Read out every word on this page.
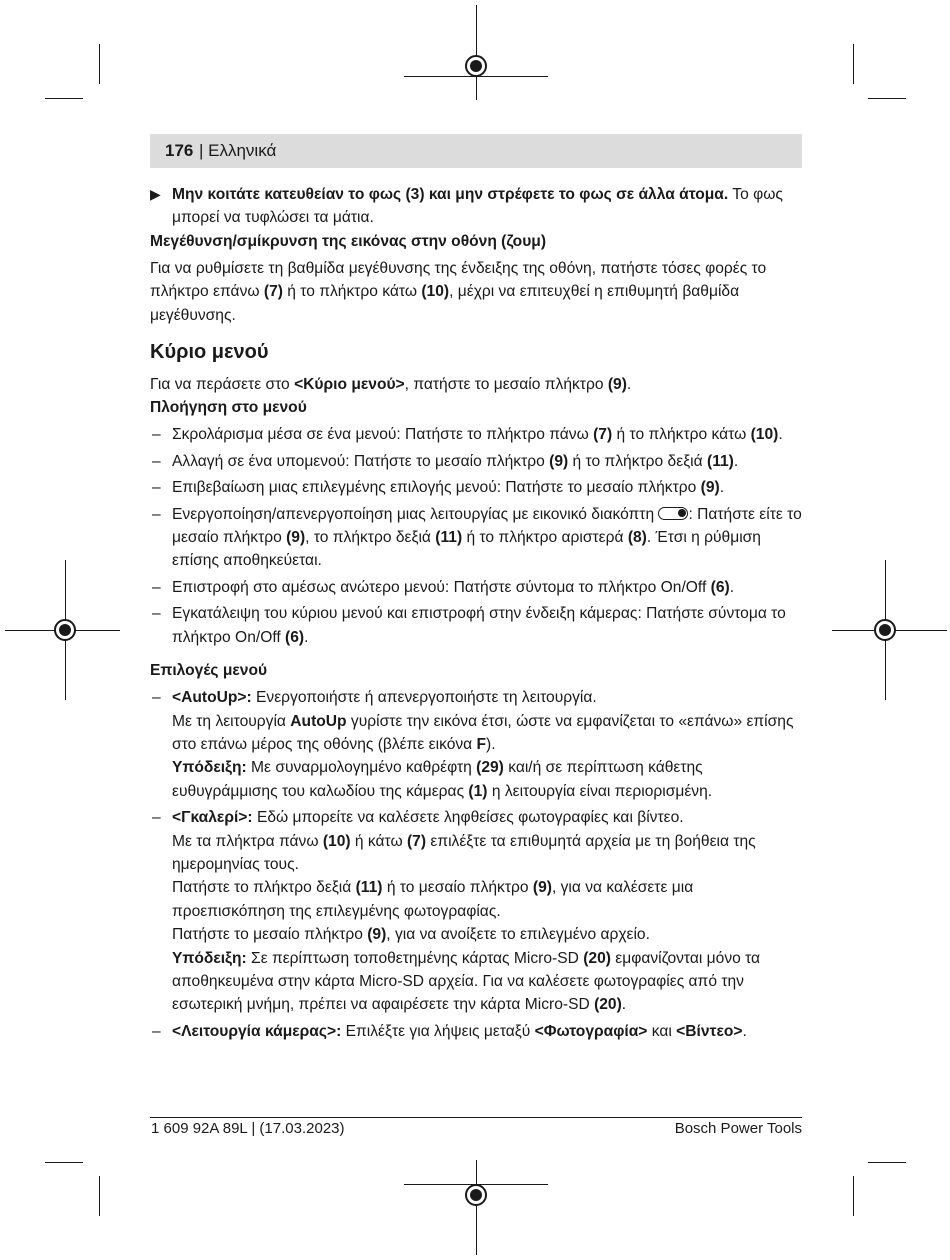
176 | Ελληνικά

▶ Μην κοιτάτε κατευθείαν το φως (3) και μην στρέφετε το φως σε άλλα άτομα. Το φως μπορεί να τυφλώσει τα μάτια.

Μεγέθυνση/σμίκρυνση της εικόνας στην οθόνη (ζουμ)

Για να ρυθμίσετε τη βαθμίδα μεγέθυνσης της ένδειξης της οθόνη, πατήστε τόσες φορές το πλήκτρο επάνω (7) ή το πλήκτρο κάτω (10), μέχρι να επιτευχθεί η επιθυμητή βαθμίδα μεγέθυνσης.

Κύριο μενού

Για να περάσετε στο <Κύριο μενού>, πατήστε το μεσαίο πλήκτρο (9).

Πλοήγηση στο μενού
– Σκρολάρισμα μέσα σε ένα μενού: Πατήστε το πλήκτρο πάνω (7) ή το πλήκτρο κάτω (10).
– Αλλαγή σε ένα υπομενού: Πατήστε το μεσαίο πλήκτρο (9) ή το πλήκτρο δεξιά (11).
– Επιβεβαίωση μιας επιλεγμένης επιλογής μενού: Πατήστε το μεσαίο πλήκτρο (9).
– Ενεργοποίηση/απενεργοποίηση μιας λειτουργίας με εικονικό διακόπτη
: Πατήστε είτε το μεσαίο πλήκτρο (9), το πλήκτρο δεξιά (11) ή το πλήκτρο αριστερά (8). Έτσι η ρύθμιση επίσης αποθηκεύεται.
– Επιστροφή στο αμέσως ανώτερο μενού: Πατήστε σύντομα το πλήκτρο On/Off (6).
– Εγκατάλειψη του κύριου μενού και επιστροφή στην ένδειξη κάμερας: Πατήστε σύντομα το πλήκτρο On/Off (6).
Επιλογές μενού
– <AutoUp>: Ενεργοποιήστε ή απενεργοποιήστε τη λειτουργία.
Με τη λειτουργία AutoUp γυρίστε την εικόνα έτσι, ώστε να εμφανίζεται το «επάνω» επίσης στο επάνω μέρος της οθόνης (βλέπε εικόνα F).
Υπόδειξη: Με συναρμολογημένο καθρέφτη (29) και/ή σε περίπτωση κάθετης ευθυγράμμισης του καλωδίου της κάμερας (1) η λειτουργία είναι περιορισμένη.
– <Γκαλερί>: Εδώ μπορείτε να καλέσετε ληφθείσες φωτογραφίες και βίντεο.
Με τα πλήκτρα πάνω (10) ή κάτω (7) επιλέξτε τα επιθυμητά αρχεία με τη βοήθεια της ημερομηνίας τους.
Πατήστε το πλήκτρο δεξιά (11) ή το μεσαίο πλήκτρο (9), για να καλέσετε μια προεπισκόπηση της επιλεγμένης φωτογραφίας.
Πατήστε το μεσαίο πλήκτρο (9), για να ανοίξετε το επιλεγμένο αρχείο.
Υπόδειξη: Σε περίπτωση τοποθετημένης κάρτας Micro-SD (20) εμφανίζονται μόνο τα αποθηκευμένα στην κάρτα Micro-SD αρχεία. Για να καλέσετε φωτογραφίες από την εσωτερική μνήμη, πρέπει να αφαιρέσετε την κάρτα Micro-SD (20).
– <Λειτουργία κάμερας>: Επιλέξτε για λήψεις μεταξύ <Φωτογραφία> και <Βίντεο>.
1 609 92A 89L | (17.03.2023)	Bosch Power Tools
